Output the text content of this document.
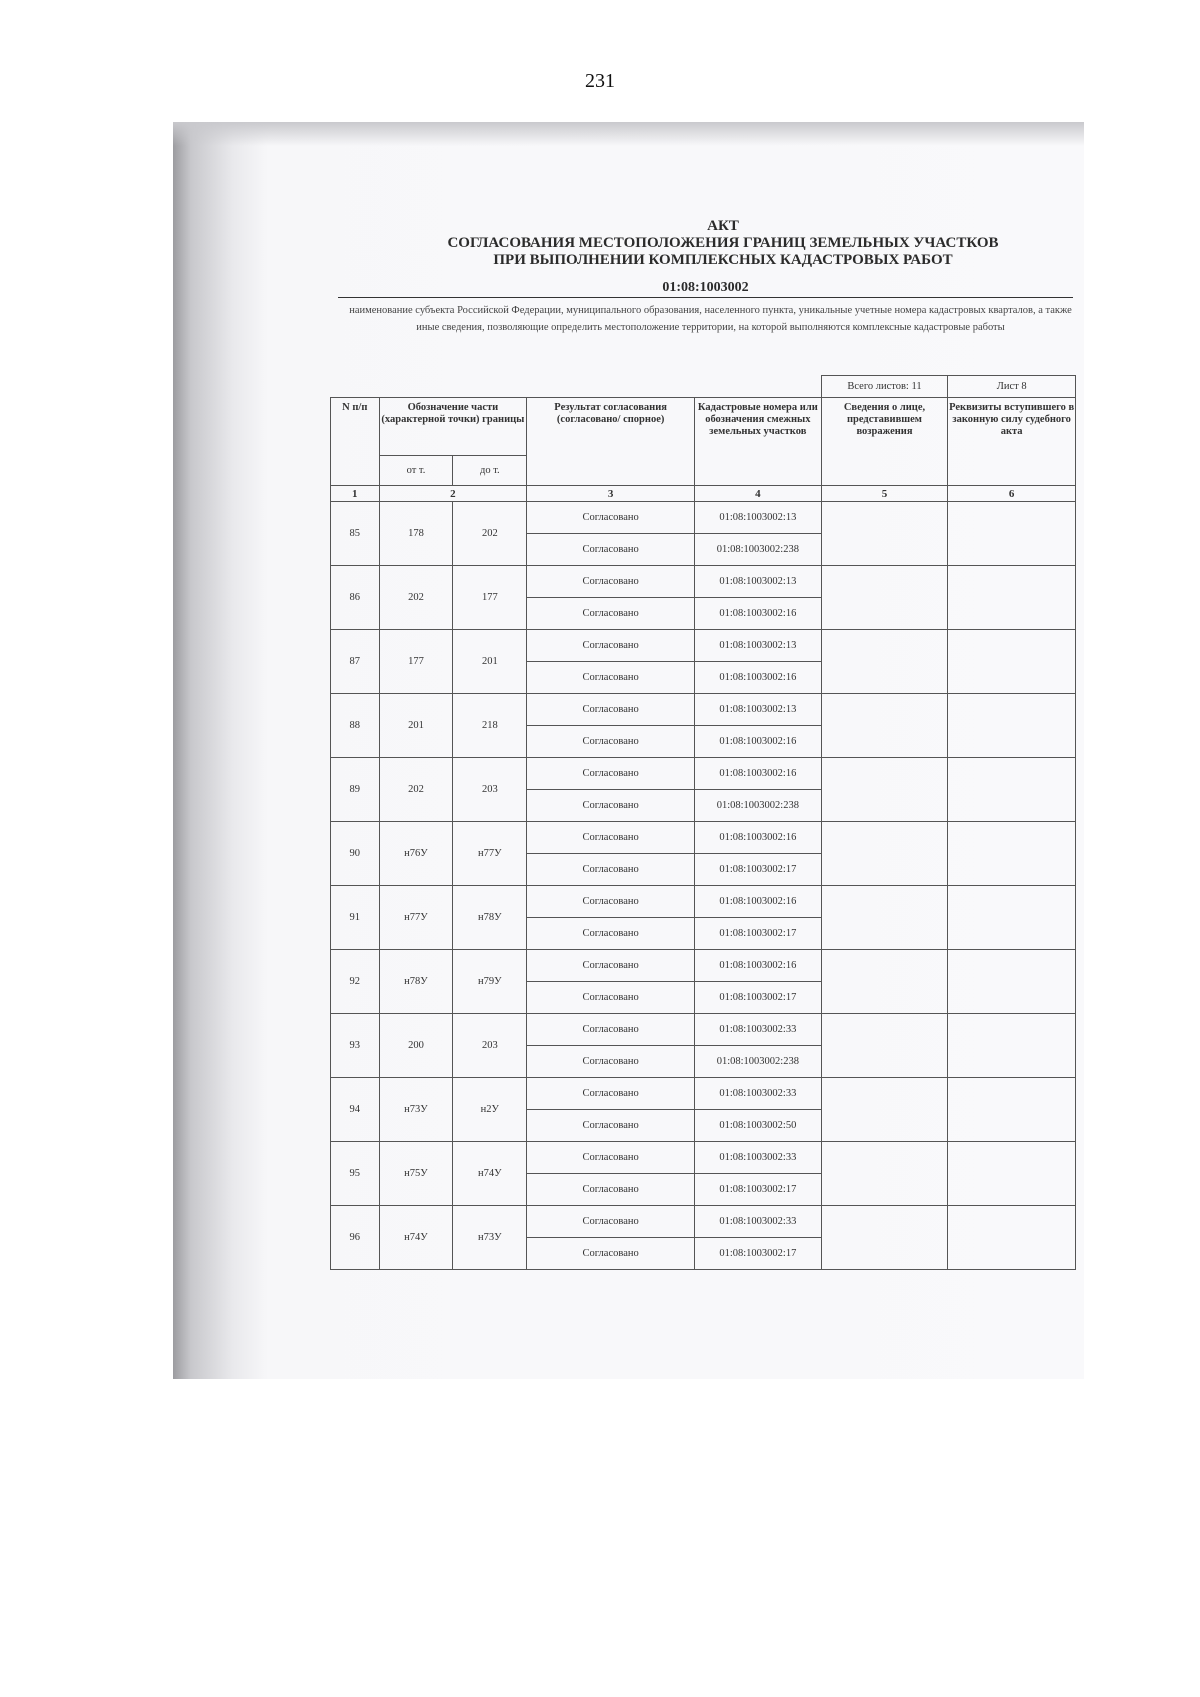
231
АКТ
СОГЛАСОВАНИЯ МЕСТОПОЛОЖЕНИЯ ГРАНИЦ ЗЕМЕЛЬНЫХ УЧАСТКОВ
ПРИ ВЫПОЛНЕНИИ КОМПЛЕКСНЫХ КАДАСТРОВЫХ РАБОТ
01:08:1003002
наименование субъекта Российской Федерации, муниципального образования, населенного пункта, уникальные учетные номера кадастровых кварталов, а также иные сведения, позволяющие определить местоположение территории, на которой выполняются комплексные кадастровые работы
					Всего листов: 11	Лист 8
N п/п	Обозначение части (характерной точки) границы		Результат согласования (согласовано/ спорное)	Кадастровые номера или обозначения смежных земельных участков	Сведения о лице, представившем возражения	Реквизиты вступившего в законную силу судебного акта
	от т.	до т.				
1	2		3	4	5	6
85	178	202	Согласовано	01:08:1003002:13		
			Согласовано	01:08:1003002:238		
86	202	177	Согласовано	01:08:1003002:13		
			Согласовано	01:08:1003002:16		
87	177	201	Согласовано	01:08:1003002:13		
			Согласовано	01:08:1003002:16		
88	201	218	Согласовано	01:08:1003002:13		
			Согласовано	01:08:1003002:16		
89	202	203	Согласовано	01:08:1003002:16		
			Согласовано	01:08:1003002:238		
90	н76У	н77У	Согласовано	01:08:1003002:16		
			Согласовано	01:08:1003002:17		
91	н77У	н78У	Согласовано	01:08:1003002:16		
			Согласовано	01:08:1003002:17		
92	н78У	н79У	Согласовано	01:08:1003002:16		
			Согласовано	01:08:1003002:17		
93	200	203	Согласовано	01:08:1003002:33		
			Согласовано	01:08:1003002:238		
94	н73У	н2У	Согласовано	01:08:1003002:33		
			Согласовано	01:08:1003002:50		
95	н75У	н74У	Согласовано	01:08:1003002:33		
			Согласовано	01:08:1003002:17		
96	н74У	н73У	Согласовано	01:08:1003002:33		
			Согласовано	01:08:1003002:17		
